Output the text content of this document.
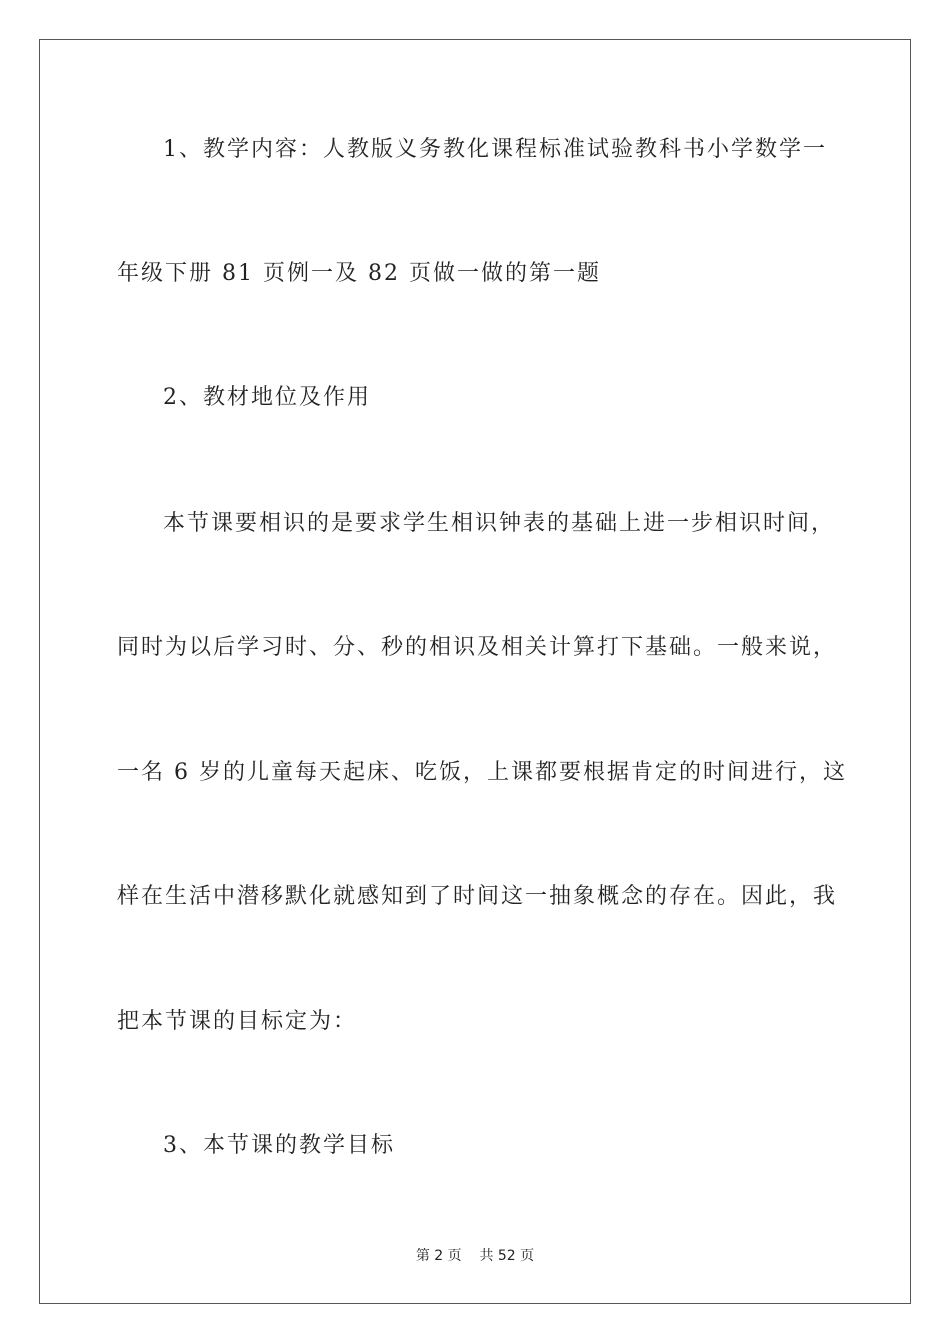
1、教学内容：人教版义务教化课程标准试验教科书小学数学一
年级下册 81 页例一及 82 页做一做的第一题
2、教材地位及作用
本节课要相识的是要求学生相识钟表的基础上进一步相识时间，
同时为以后学习时、分、秒的相识及相关计算打下基础。一般来说，
一名 6 岁的儿童每天起床、吃饭，上课都要根据肯定的时间进行，这
样在生活中潜移默化就感知到了时间这一抽象概念的存在。因此，我
把本节课的目标定为：
3、本节课的教学目标
第 2 页 共 52 页
